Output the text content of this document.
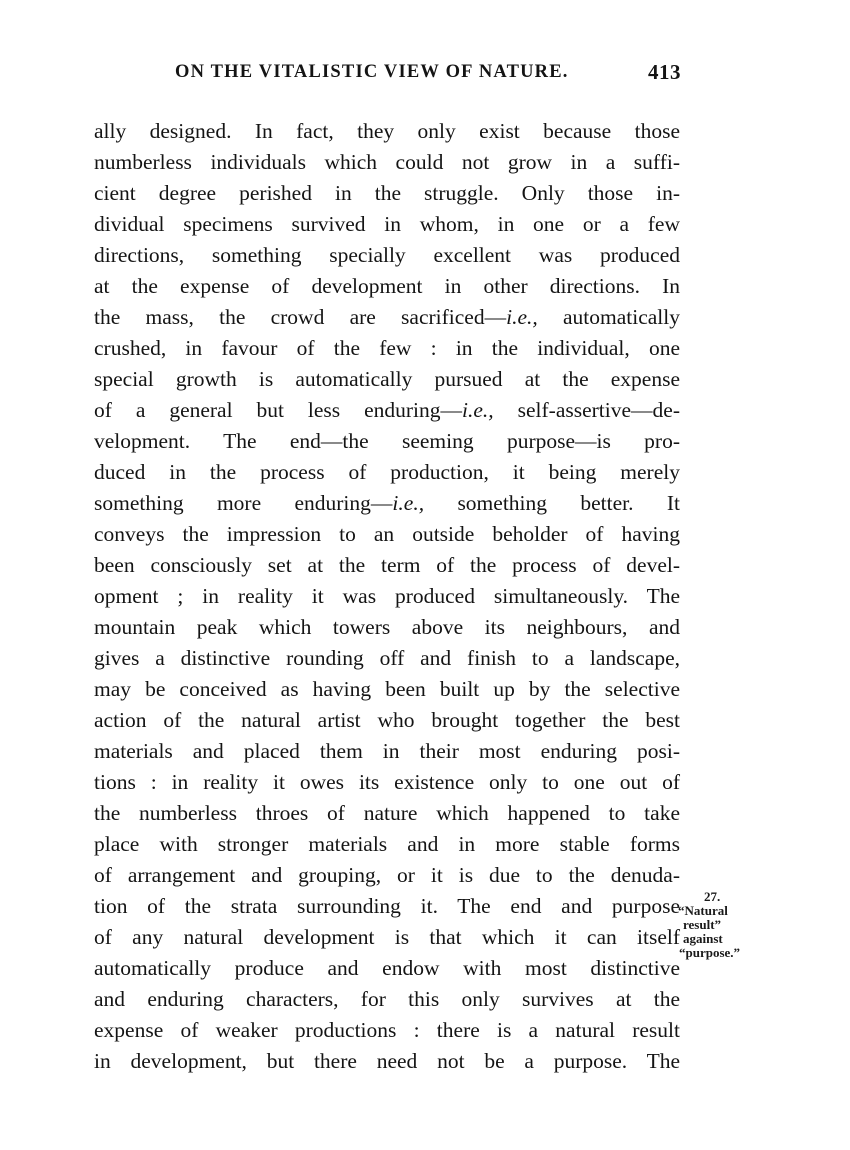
ON THE VITALISTIC VIEW OF NATURE.	413
ally designed. In fact, they only exist because those
numberless individuals which could not grow in a suffi-
cient degree perished in the struggle. Only those in-
dividual specimens survived in whom, in one or a few
directions, something specially excellent was produced
at the expense of development in other directions. In
the mass, the crowd are sacrificed—i.e., automatically
crushed, in favour of the few : in the individual, one
special growth is automatically pursued at the expense
of a general but less enduring—i.e., self-assertive—de-
velopment. The end—the seeming purpose—is pro-
duced in the process of production, it being merely
something more enduring—i.e., something better. It
conveys the impression to an outside beholder of having
been consciously set at the term of the process of devel-
opment ; in reality it was produced simultaneously. The
mountain peak which towers above its neighbours, and
gives a distinctive rounding off and finish to a landscape,
may be conceived as having been built up by the selective
action of the natural artist who brought together the best
materials and placed them in their most enduring posi-
tions : in reality it owes its existence only to one out of
the numberless throes of nature which happened to take
place with stronger materials and in more stable forms
of arrangement and grouping, or it is due to the denuda-
tion of the strata surrounding it. The end and purpose
of any natural development is that which it can itself
automatically produce and endow with most distinctive
and enduring characters, for this only survives at the
expense of weaker productions : there is a natural result
in development, but there need not be a purpose. The
27.
“Natural
result”
against
“purpose.”
